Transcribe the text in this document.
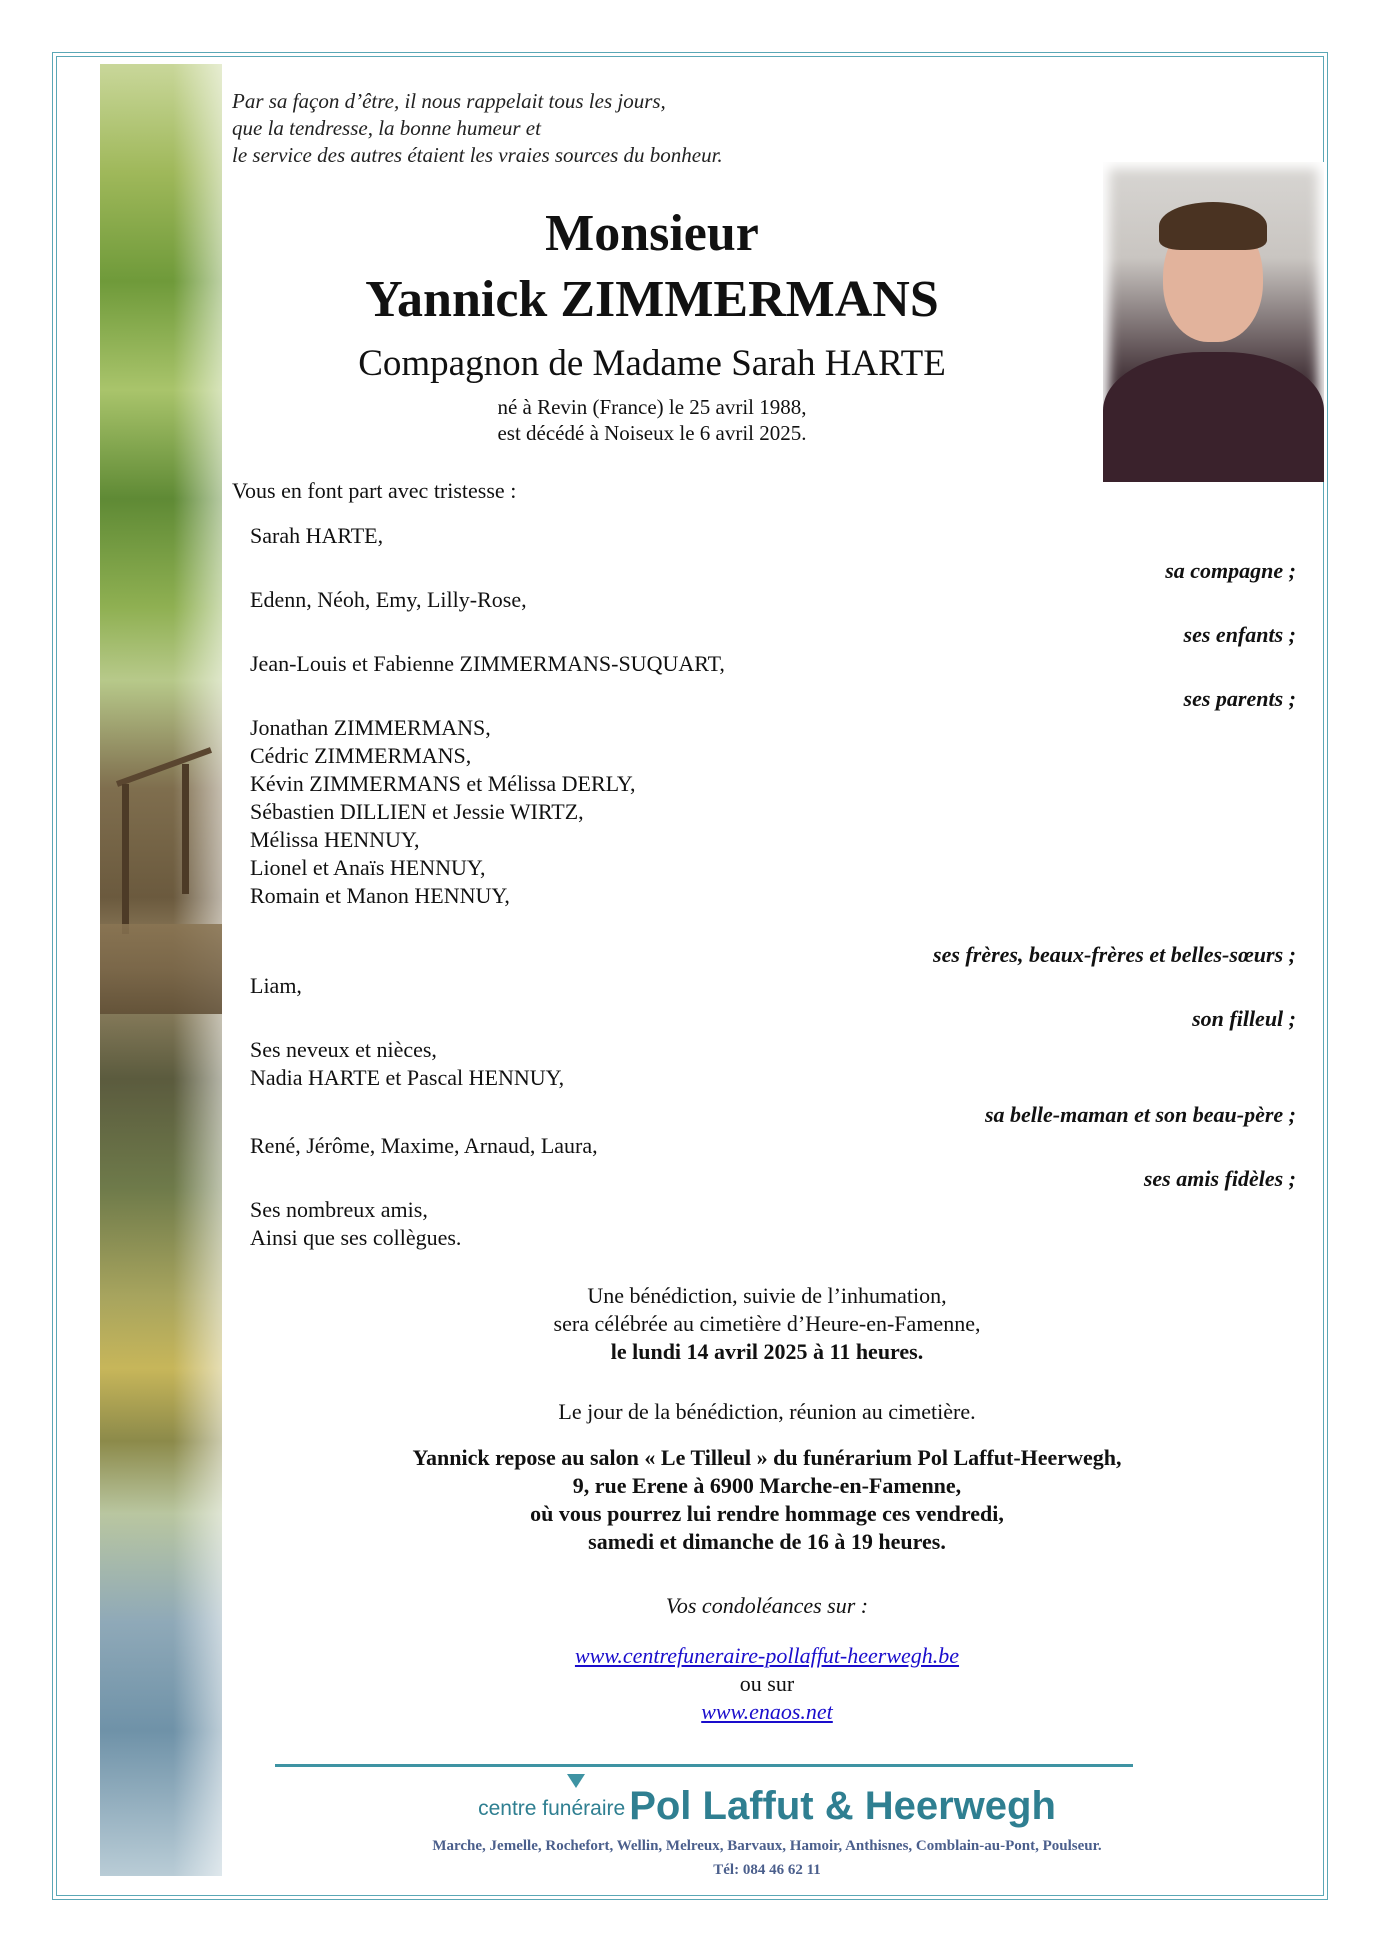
Par sa façon d’être, il nous rappelait tous les jours,
que la tendresse, la bonne humeur et
le service des autres étaient les vraies sources du bonheur.
Monsieur
Yannick ZIMMERMANS
Compagnon de Madame Sarah HARTE
né à Revin (France) le 25 avril 1988,
est décédé à Noiseux le 6 avril 2025.
Vous en font part avec tristesse :
Sarah HARTE,
sa compagne ;
Edenn, Néoh, Emy, Lilly-Rose,
ses enfants ;
Jean-Louis et Fabienne ZIMMERMANS-SUQUART,
ses parents ;
Jonathan ZIMMERMANS,
Cédric ZIMMERMANS,
Kévin ZIMMERMANS et Mélissa DERLY,
Sébastien DILLIEN et Jessie WIRTZ,
Mélissa HENNUY,
Lionel et Anaïs HENNUY,
Romain et Manon HENNUY,
ses frères, beaux-frères et belles-sœurs ;
Liam,
son filleul ;
Ses neveux et nièces,
Nadia HARTE et Pascal HENNUY,
sa belle-maman et son beau-père ;
René, Jérôme, Maxime, Arnaud, Laura,
ses amis fidèles ;
Ses nombreux amis,
Ainsi que ses collègues.
Une bénédiction, suivie de l’inhumation,
sera célébrée au cimetière d’Heure-en-Famenne,
le lundi 14 avril 2025 à 11 heures.
Le jour de la bénédiction, réunion au cimetière.
Yannick repose au salon « Le Tilleul » du funérarium Pol Laffut-Heerwegh,
9, rue Erene à 6900 Marche-en-Famenne,
où vous pourrez lui rendre hommage ces vendredi,
samedi et dimanche de 16 à 19 heures.
Vos condoléances sur :
www.centrefuneraire-pollaffut-heerwegh.be
ou sur
www.enaos.net
centre funéraire Pol Laffut & Heerwegh
Marche, Jemelle, Rochefort, Wellin, Melreux, Barvaux, Hamoir, Anthisnes, Comblain-au-Pont, Poulseur.
Tél: 084 46 62 11
